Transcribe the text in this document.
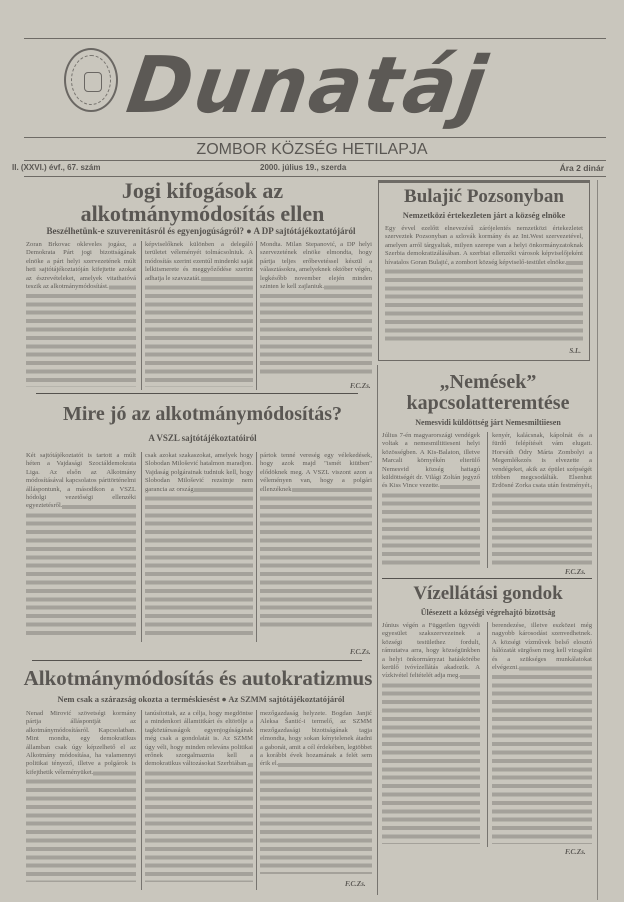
Dunatáj
ZOMBOR KÖZSÉG HETILAPJA
II. (XXVI.) évf., 67. szám	2000. július 19., szerda	Ára 2 dinár
Jogi kifogások az
alkotmánymódosítás ellen
Beszélhetünk-e szuverenitásról és egyenjogúságról? ● A DP sajtótájékoztatójáról
Zoran Brkovac okleveles jogász, a Demokrata Párt jogi bizottságának elnöke a párt helyi szervezetének múlt heti sajtótájékoztatóján kifejtette azokat az észrevételeket, amelyek vitathatóvá teszik az alkotmánymódosítást.
képviselőknek különben a delegáló területet véleményét tolmácsolniuk. A módosítás szerint ezentúl mindenki saját lelkiismerete és meggyőződése szerint adhatja le szavazatát.
Mondta. Milan Stepanović, a DP helyi szervezetének elnöke elmondta, hogy pártja teljes erőbevetéssel készül a választásokra, amelyeknek október végén, legkésőbb november elején minden szinten le kell zajlaniuk.
F.C.Zs.
Bulajić Pozsonyban
Nemzetközi értekezleten járt a község elnöke
Egy évvel ezelőtt elnevezésű zárójelentés nemzetközi értekezletet szerveztek Pozsonyban a szlovák kormány és az Int.West szervezetével, amelyen arról tárgyaltak, milyen szerepe van a helyi önkormányzatoknak Szerbia demokratizálásában. A szerbiai ellenzéki városok képviselőjeként hívatalos Goran Bulajić, a zombori község képviselő-testület elnöke.
S.L.
Mire jó az alkotmánymódosítás?
A VSZL sajtótájékoztatóiról
Két sajtótájékoztatót is tartott a múlt héten a Vajdasági Szociáldemokrata Liga. Az elsőn az Alkotmány módosításával kapcsolatos párttörténelmi álláspontunk, a másodikon a VSZL hódolgi vezetőségi ellenzéki egyeztetésről.
csak azokat szakaszokat, amelyek hogy Slobodan Milošević hatalmon maradjon. Vajdaság polgárainak tudniuk kell, hogy Slobodan Milošević rezsimje nem garancia az ország
pártok tenné vereség egy vélekedések, hogy azok majd "ismét kiütben" elődöknek meg. A VSZL viszont azon a véleményen van, hogy a polgári ellenzéknek
F.C.Zs.
„Nemések”
kapcsolatteremtése
Nemesvidi küldöttség járt Nemesmiltiiesen
Július 7-én magyarországi vendégek voltak a nemesmiltitieseni helyi közösségben. A Kis-Balaton, illetve Marcali környékén elterülő Nemesvid község hattagú küldöttségét dr. Világi Zoltán jegyző és Kiss Vince vezette.
kenyér, kalácsnak, kápolnát és a fürdő felépítését vám elugatt. Horváth Ödry Márta Zombolyi a Megemlékezés is elvezette a vendégeket, akik az épület szépségét többen megcsodálták. Elsenhut Erdösné Zorka csata után festményét.
F.C.Zs.
Vízellátási gondok
Ülésezett a községi végrehajtó bizottság
Június végén a Független ügyvédi egyesület szakszervezeinek a községi testülethez fordult, rámutatva arra, hogy községünkben a helyi önkormányzat hatáskörébe kerülő ivóvízellátás akadozik. A vízkivétel feltételét adja meg.
berendezése, illetve eszközei még nagyobb károsodást szenvedhetnek. A községi vízművek belső elosztó hálózatát sürgősen meg kell vizsgálni és a szükséges munkálatokat elvégezni.
F.C.Zs.
Alkotmánymódosítás és autokratizmus
Nem csak a szárazság okozta a terméskiesést ● Az SZMM sajtótájékoztatójáról
Nenad Mirović szövetségi kormány pártja álláspontját az alkotmánymódosításról. Kapcsolatban. Mint mondta, egy demokratikus államban csak úgy képzelhető el az Alkotmány módosítása, ha valamennyi politikai tényező, illetve a polgárok is kifejthetik véleményüket.
tanúsítottak, az a célja, hogy megdöntse a mindenkori államtitkárt és eltörölje a tagköztársaságok egyenjogúságának még csak a gondolatát is. Az SZMM úgy véli, hogy minden releváns politikai erőnek szorgalmaznia kell a demokratikus változásokat Szerbiában.
mezőgazdaság helyzete. Bogdan Janjić Aleksa Šantić-i termelő, az SZMM mezőgazdasági bizottságának tagja elmondta, hogy sokan kénytelenek átadni a gabonát, amit a cél érdekében, legtöbbet a korábbi évek hozamának a felét sem érik el.
F.C.Zs.
